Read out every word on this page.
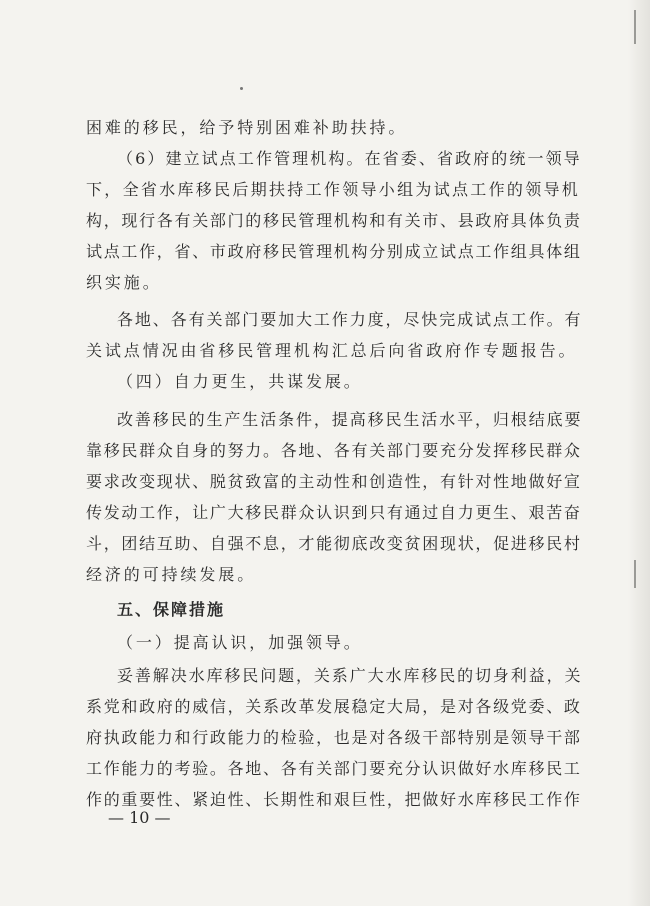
困难的移民，给予特别困难补助扶持。
（6）建立试点工作管理机构。在省委、省政府的统一领导
下，全省水库移民后期扶持工作领导小组为试点工作的领导机
构，现行各有关部门的移民管理机构和有关市、县政府具体负责
试点工作，省、市政府移民管理机构分别成立试点工作组具体组
织实施。
各地、各有关部门要加大工作力度，尽快完成试点工作。有
关试点情况由省移民管理机构汇总后向省政府作专题报告。
（四）自力更生，共谋发展。
改善移民的生产生活条件，提高移民生活水平，归根结底要
靠移民群众自身的努力。各地、各有关部门要充分发挥移民群众
要求改变现状、脱贫致富的主动性和创造性，有针对性地做好宣
传发动工作，让广大移民群众认识到只有通过自力更生、艰苦奋
斗，团结互助、自强不息，才能彻底改变贫困现状，促进移民村
经济的可持续发展。
五、保障措施
（一）提高认识，加强领导。
妥善解决水库移民问题，关系广大水库移民的切身利益，关
系党和政府的威信，关系改革发展稳定大局，是对各级党委、政
府执政能力和行政能力的检验，也是对各级干部特别是领导干部
工作能力的考验。各地、各有关部门要充分认识做好水库移民工
作的重要性、紧迫性、长期性和艰巨性，把做好水库移民工作作
— 10 —
